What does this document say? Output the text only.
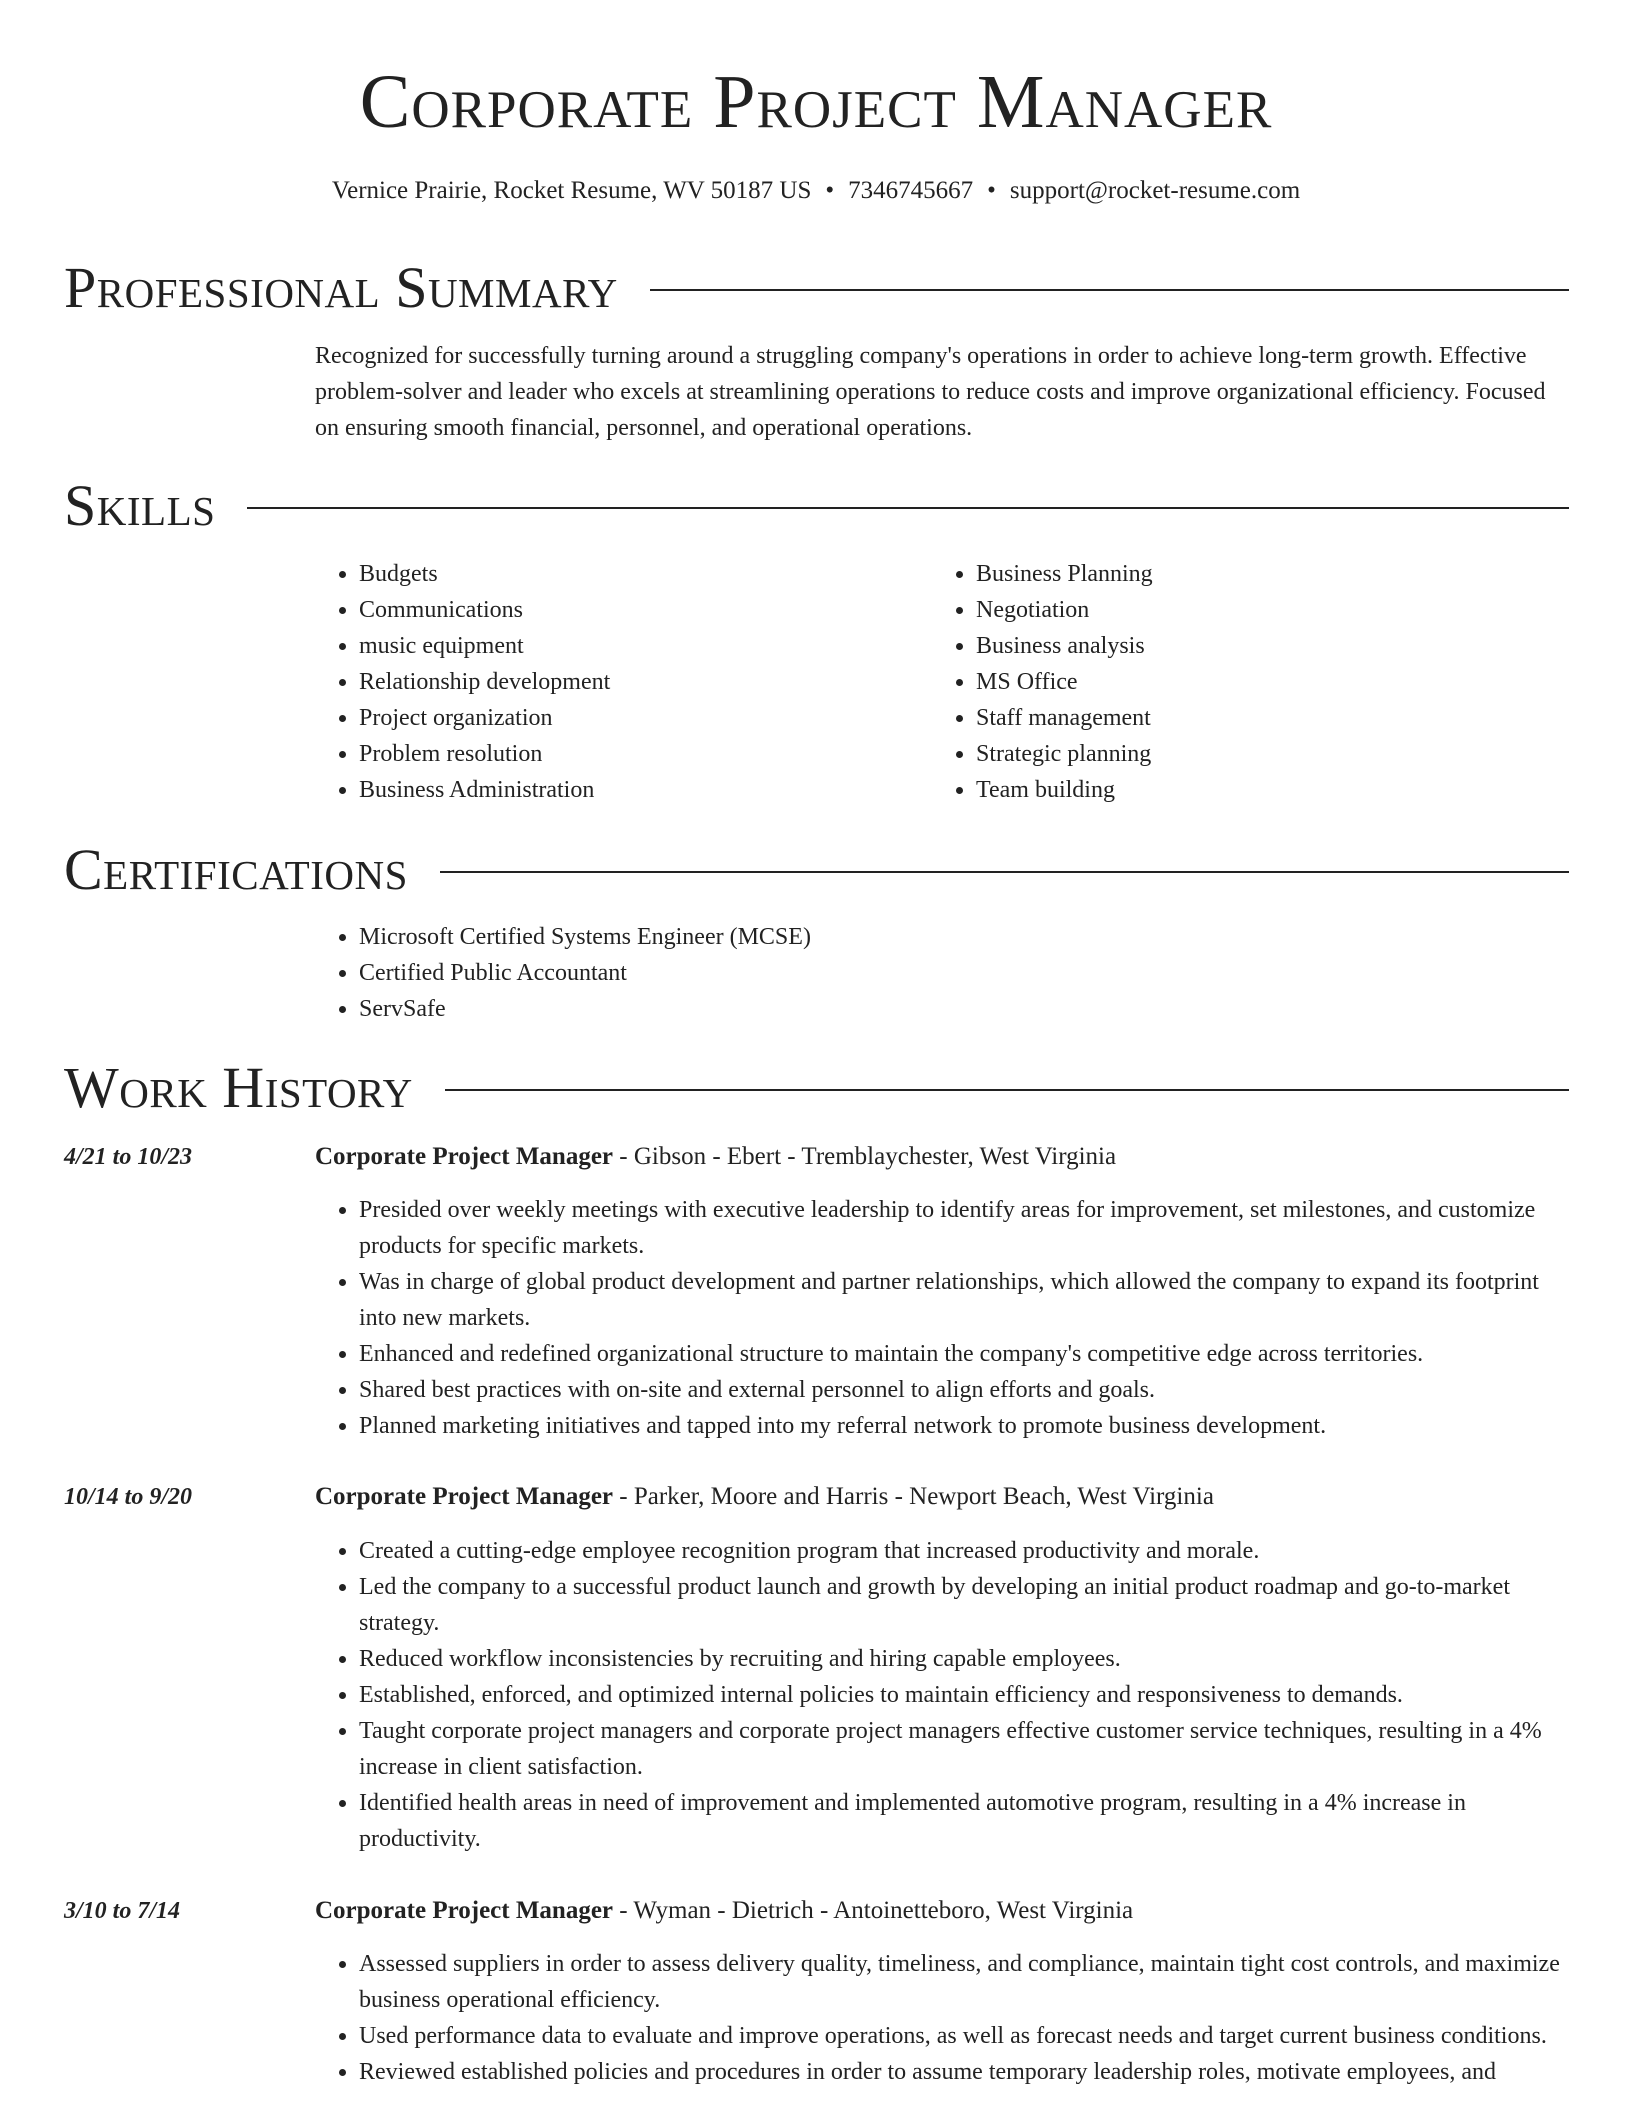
Corporate Project Manager
Vernice Prairie, Rocket Resume, WV 50187 US • 7346745667 • support@rocket-resume.com
Professional Summary
Recognized for successfully turning around a struggling company's operations in order to achieve long-term growth. Effective problem-solver and leader who excels at streamlining operations to reduce costs and improve organizational efficiency. Focused on ensuring smooth financial, personnel, and operational operations.
Skills
• Budgets
• Communications
• music equipment
• Relationship development
• Project organization
• Problem resolution
• Business Administration
• Business Planning
• Negotiation
• Business analysis
• MS Office
• Staff management
• Strategic planning
• Team building
Certifications
• Microsoft Certified Systems Engineer (MCSE)
• Certified Public Accountant
• ServSafe
Work History
4/21 to 10/23	Corporate Project Manager - Gibson - Ebert - Tremblaychester, West Virginia
• Presided over weekly meetings with executive leadership to identify areas for improvement, set milestones, and customize products for specific markets.
• Was in charge of global product development and partner relationships, which allowed the company to expand its footprint into new markets.
• Enhanced and redefined organizational structure to maintain the company's competitive edge across territories.
• Shared best practices with on-site and external personnel to align efforts and goals.
• Planned marketing initiatives and tapped into my referral network to promote business development.
10/14 to 9/20	Corporate Project Manager - Parker, Moore and Harris - Newport Beach, West Virginia
• Created a cutting-edge employee recognition program that increased productivity and morale.
• Led the company to a successful product launch and growth by developing an initial product roadmap and go-to-market strategy.
• Reduced workflow inconsistencies by recruiting and hiring capable employees.
• Established, enforced, and optimized internal policies to maintain efficiency and responsiveness to demands.
• Taught corporate project managers and corporate project managers effective customer service techniques, resulting in a 4% increase in client satisfaction.
• Identified health areas in need of improvement and implemented automotive program, resulting in a 4% increase in productivity.
3/10 to 7/14	Corporate Project Manager - Wyman - Dietrich - Antoinetteboro, West Virginia
• Assessed suppliers in order to assess delivery quality, timeliness, and compliance, maintain tight cost controls, and maximize business operational efficiency.
• Used performance data to evaluate and improve operations, as well as forecast needs and target current business conditions.
• Reviewed established policies and procedures in order to assume temporary leadership roles, motivate employees, and
